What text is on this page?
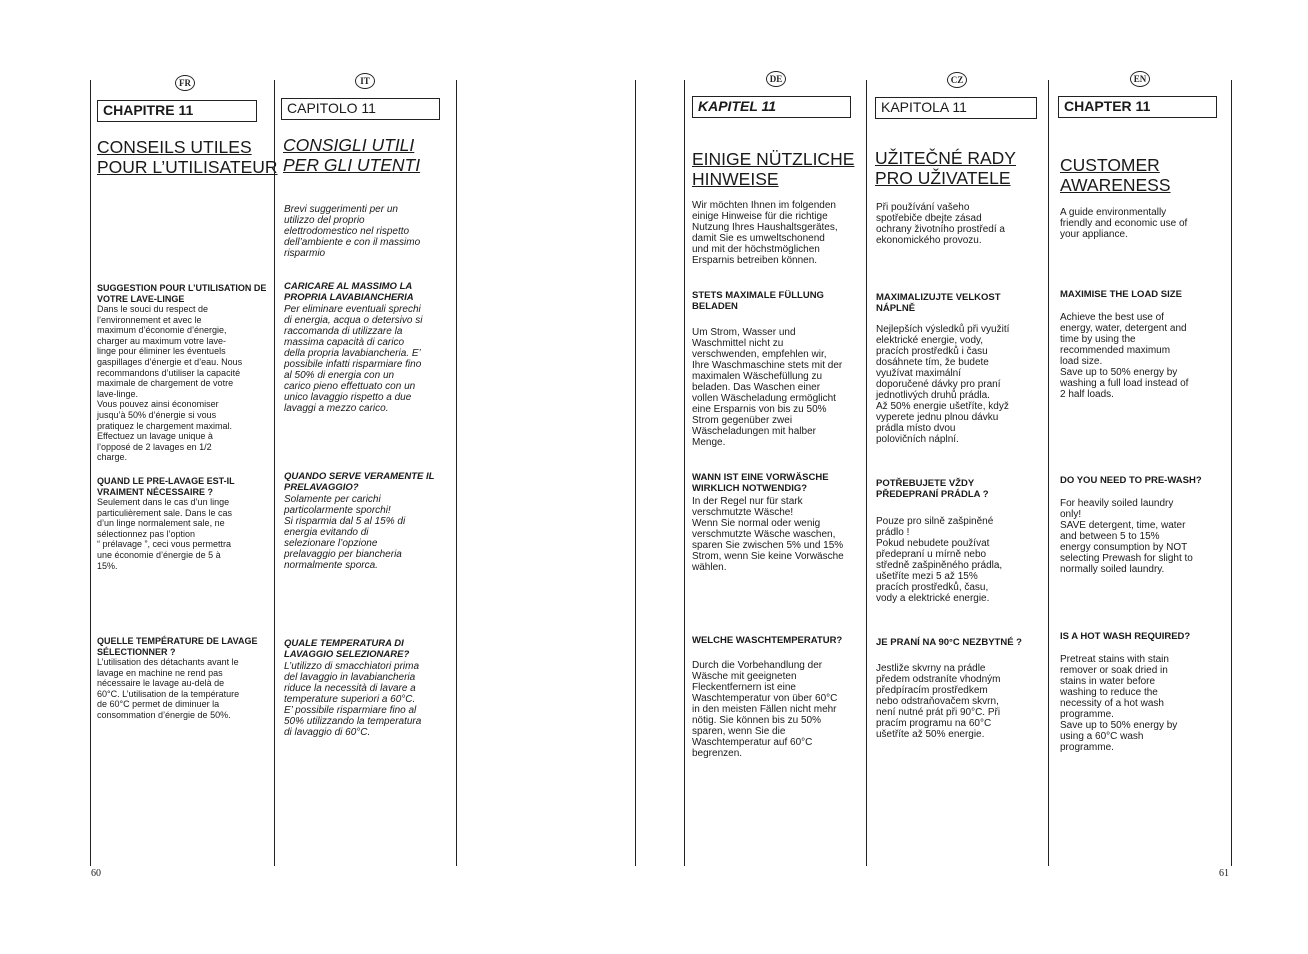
FR
CHAPITRE 11
CONSEILS UTILES
POUR L’UTILISATEUR
SUGGESTION POUR L’UTILISATION DE
VOTRE LAVE-LINGE
Dans le souci du respect de
l’environnement et avec le
maximum d’économie d’énergie,
charger au maximum votre lave-
linge pour éliminer les éventuels
gaspillages d’énergie et d’eau. Nous
recommandons d’utiliser la capacité
maximale de chargement de votre
lave-linge.
Vous pouvez ainsi économiser
jusqu’à 50% d’énergie si vous
pratiquez le chargement maximal.
Effectuez un lavage unique à
l’opposé de 2 lavages en 1/2
charge.
QUAND LE PRE-LAVAGE EST-IL
VRAIMENT NÉCESSAIRE ?
Seulement dans le cas d’un linge
particulièrement sale. Dans le cas
d’un linge normalement sale, ne
sélectionnez pas l’option
“ prélavage ”, ceci vous permettra
une économie d’énergie de 5 à
15%.
QUELLE TEMPÉRATURE DE LAVAGE
SÉLECTIONNER ?
L’utilisation des détachants avant le
lavage en machine ne rend pas
nécessaire le lavage au-delà de
60°C. L’utilisation de la température
de 60°C permet de diminuer la
consommation d’énergie de 50%.
IT
CAPITOLO 11
CONSIGLI UTILI
PER GLI UTENTI
Brevi suggerimenti per un
utilizzo del proprio
elettrodomestico nel rispetto
dell’ambiente e con il massimo
risparmio
CARICARE AL MASSIMO LA
PROPRIA LAVABIANCHERIA
Per eliminare eventuali sprechi
di energia, acqua o detersivo si
raccomanda di utilizzare la
massima capacità di carico
della propria lavabiancheria. E’
possibile infatti risparmiare fino
al 50% di energia con un
carico pieno effettuato con un
unico lavaggio rispetto a due
lavaggi a mezzo carico.
QUANDO SERVE VERAMENTE IL
PRELAVAGGIO?
Solamente per carichi
particolarmente sporchi!
Si risparmia dal 5 al 15% di
energia evitando di
selezionare l’opzione
prelavaggio per biancheria
normalmente sporca.
QUALE TEMPERATURA DI
LAVAGGIO SELEZIONARE?
L’utilizzo di smacchiatori prima
del lavaggio in lavabiancheria
riduce la necessità di lavare a
temperature superiori a 60°C.
E’ possibile risparmiare fino al
50% utilizzando la temperatura
di lavaggio di 60°C.
DE
KAPITEL 11
EINIGE NÜTZLICHE
HINWEISE
Wir möchten Ihnen im folgenden
einige Hinweise für die richtige
Nutzung Ihres Haushaltsgerätes,
damit Sie es umweltschonend
und mit der höchstmöglichen
Ersparnis betreiben können.
STETS MAXIMALE FÜLLUNG
BELADEN
Um Strom, Wasser und
Waschmittel nicht zu
verschwenden, empfehlen wir,
Ihre Waschmaschine stets mit der
maximalen Wäschefüllung zu
beladen. Das Waschen einer
vollen Wäscheladung ermöglicht
eine Ersparnis von bis zu 50%
Strom gegenüber zwei
Wäscheladungen mit halber
Menge.
WANN IST EINE VORWÄSCHE
WIRKLICH NOTWENDIG?
In der Regel nur für stark
verschmutzte Wäsche!
Wenn Sie normal oder wenig
verschmutzte Wäsche waschen,
sparen Sie zwischen 5% und 15%
Strom, wenn Sie keine Vorwäsche
wählen.
WELCHE WASCHTEMPERATUR?
Durch die Vorbehandlung der
Wäsche mit geeigneten
Fleckentfernern ist eine
Waschtemperatur von über 60°C
in den meisten Fällen nicht mehr
nötig. Sie können bis zu 50%
sparen, wenn Sie die
Waschtemperatur auf 60°C
begrenzen.
CZ
KAPITOLA 11
UŽITEČNÉ RADY
PRO UŽIVATELE
Při používání vašeho
spotřebiče dbejte zásad
ochrany životního prostředí a
ekonomického provozu.
MAXIMALIZUJTE VELKOST
NÁPLNĚ
Nejlepších výsledků při využití
elektrické energie, vody,
pracích prostředků i času
dosáhnete tím, že budete
využívat maximální
doporučené dávky pro praní
jednotlivých druhů prádla.
Až 50% energie ušetříte, když
vyperete jednu plnou dávku
prádla místo dvou
polovičních náplní.
POTŘEBUJETE VŽDY
PŘEDEPRANÍ PRÁDLA ?
Pouze pro silně zašpiněné
prádlo !
Pokud nebudete používat
předepraní u mírně nebo
středně zašpiněného prádla,
ušetříte mezi 5 až 15%
pracích prostředků, času,
vody a elektrické energie.
JE PRANÍ NA 90°C NEZBYTNÉ ?
Jestliže skvrny na prádle
předem odstraníte vhodným
předpíracím prostředkem
nebo odstraňovačem skvrn,
není nutné prát při 90°C. Při
pracím programu na 60°C
ušetříte až 50% energie.
EN
CHAPTER 11
CUSTOMER
AWARENESS
A guide environmentally
friendly and economic use of
your appliance.
MAXIMISE THE LOAD SIZE
Achieve the best use of
energy, water, detergent and
time by using the
recommended maximum
load size.
Save up to 50% energy by
washing a full load instead of
2 half loads.
DO YOU NEED TO PRE-WASH?
For heavily soiled laundry
only!
SAVE detergent, time, water
and between 5 to 15%
energy consumption by NOT
selecting Prewash for slight to
normally soiled laundry.
IS A HOT WASH REQUIRED?
Pretreat stains with stain
remover or soak dried in
stains in water before
washing to reduce the
necessity of a hot wash
programme.
Save up to 50% energy by
using a 60°C wash
programme.
60	61
